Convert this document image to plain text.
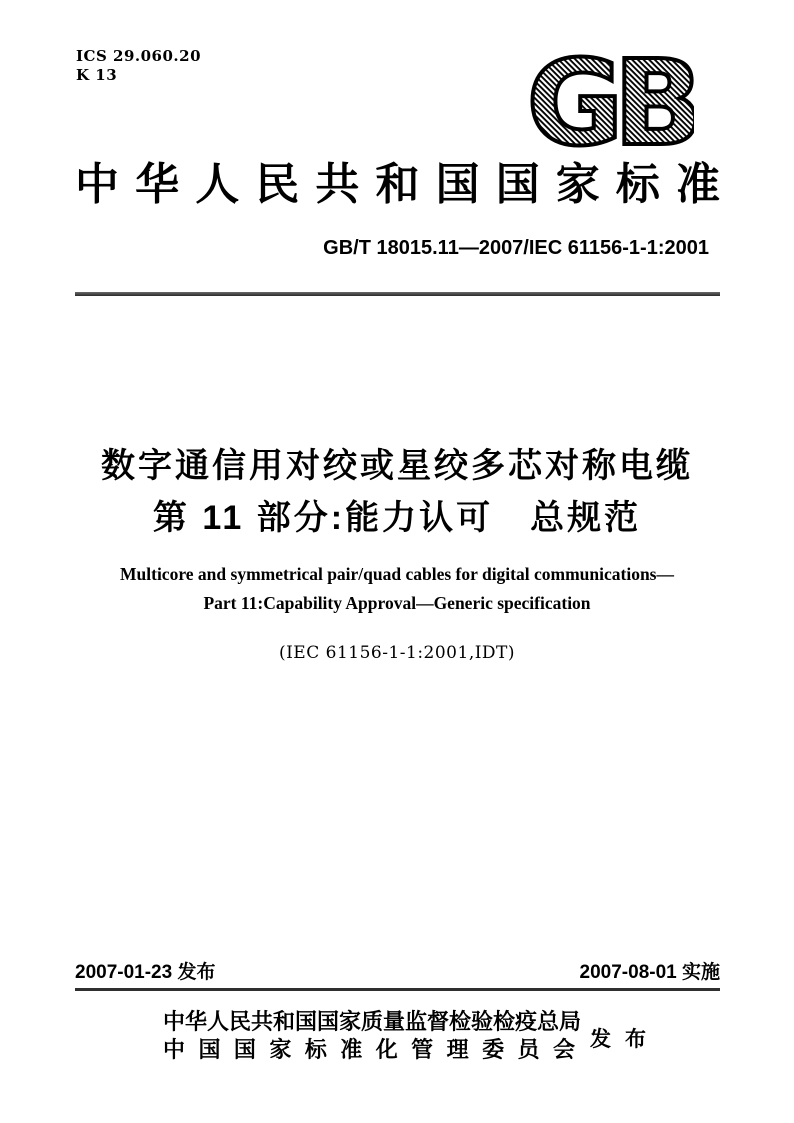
ICS 29.060.20
K 13	GB
中华人民共和国国家标准
GB/T 18015.11—2007/IEC 61156-1-1:2001
数字通信用对绞或星绞多芯对称电缆
第 11 部分:能力认可　总规范
Multicore and symmetrical pair/quad cables for digital communications—
Part 11:Capability Approval—Generic specification
(IEC 61156-1-1:2001,IDT)
2007-01-23 发布	2007-08-01 实施
中华人民共和国国家质量监督检验检疫总局
中国国家标准化管理委员会 发布
